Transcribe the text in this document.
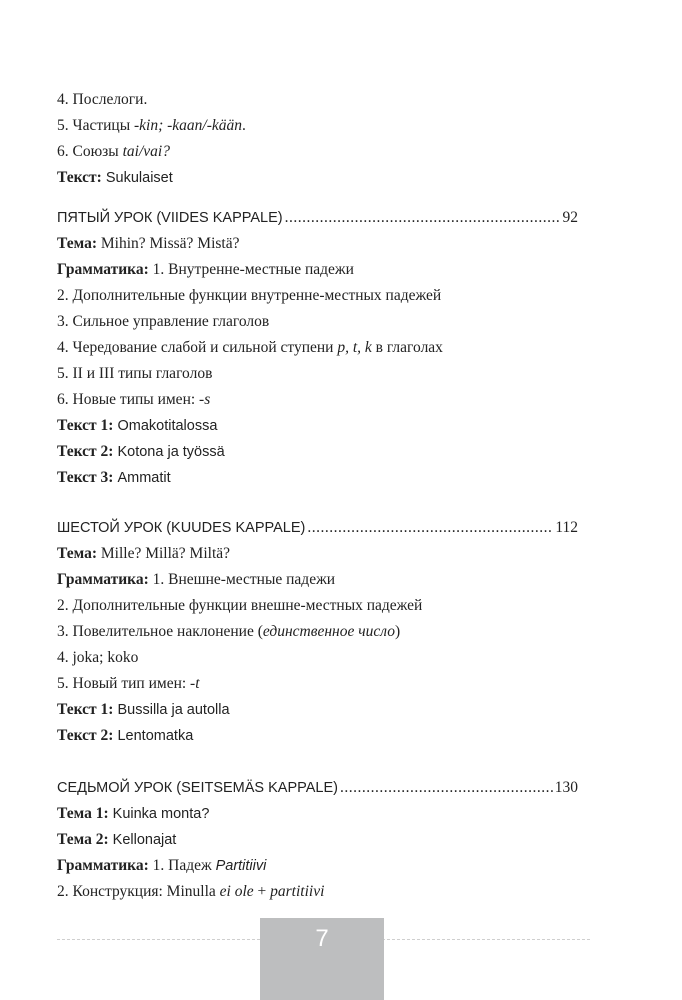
4. Послелоги.
5. Частицы -kin; -kaan/-kään.
6. Союзы tai/vai?
Текст: Sukulaiset
ПЯТЫЙ УРОК (VIIDES KAPPALE) .....	92
Тема: Mihin? Missä? Mistä?
Грамматика: 1. Внутренне-местные падежи
2. Дополнительные функции внутренне-местных падежей
3. Сильное управление глаголов
4. Чередование слабой и сильной ступени p, t, k в глаголах
5. II и III типы глаголов
6. Новые типы имен: -s
Текст 1: Omakotitalossa
Текст 2: Kotona ja työssä
Текст 3: Ammatit
ШЕСТОЙ УРОК (KUUDES KAPPALE) .....	112
Тема: Mille? Millä? Miltä?
Грамматика: 1. Внешне-местные падежи
2. Дополнительные функции внешне-местных падежей
3. Повелительное наклонение (единственное число)
4. joka; koko
5. Новый тип имен: -t
Текст 1: Bussilla ja autolla
Текст 2: Lentomatka
СЕДЬМОЙ УРОК (SEITSEMÄS KAPPALE) .....	130
Тема 1: Kuinka monta?
Тема 2: Kellonajat
Грамматика: 1. Падеж Partitiivi
2. Конструкция: Minulla ei ole + partitiivi
7
